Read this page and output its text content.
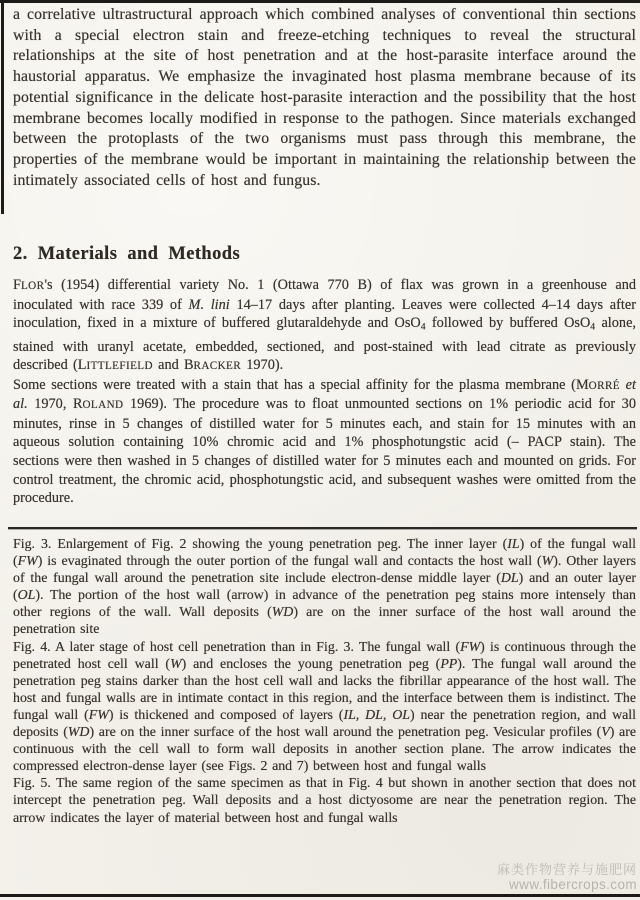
a correlative ultrastructural approach which combined analyses of conventional thin sections with a special electron stain and freeze-etching techniques to reveal the structural relationships at the site of host penetration and at the host-parasite interface around the haustorial apparatus. We emphasize the invaginated host plasma membrane because of its potential significance in the delicate host-parasite interaction and the possibility that the host membrane becomes locally modified in response to the pathogen. Since materials exchanged between the protoplasts of the two organisms must pass through this membrane, the properties of the membrane would be important in maintaining the relationship between the intimately associated cells of host and fungus.
2. Materials and Methods

FLOR's (1954) differential variety No. 1 (Ottawa 770 B) of flax was grown in a greenhouse and inoculated with race 339 of M. lini 14–17 days after planting. Leaves were collected 4–14 days after inoculation, fixed in a mixture of buffered glutaraldehyde and OsO4 followed by buffered OsO4 alone, stained with uranyl acetate, embedded, sectioned, and post-stained with lead citrate as previously described (LITTLEFIELD and BRACKER 1970).

Some sections were treated with a stain that has a special affinity for the plasma membrane (MORRÉ et al. 1970, ROLAND 1969). The procedure was to float unmounted sections on 1% periodic acid for 30 minutes, rinse in 5 changes of distilled water for 5 minutes each, and stain for 15 minutes with an aqueous solution containing 10% chromic acid and 1% phosphotungstic acid (– PACP stain). The sections were then washed in 5 changes of distilled water for 5 minutes each and mounted on grids. For control treatment, the chromic acid, phosphotungstic acid, and subsequent washes were omitted from the procedure.

Fig. 3. Enlargement of Fig. 2 showing the young penetration peg. The inner layer (IL) of the fungal wall (FW) is evaginated through the outer portion of the fungal wall and contacts the host wall (W). Other layers of the fungal wall around the penetration site include electron-dense middle layer (DL) and an outer layer (OL). The portion of the host wall (arrow) in advance of the penetration peg stains more intensely than other regions of the wall. Wall deposits (WD) are on the inner surface of the host wall around the penetration site

Fig. 4. A later stage of host cell penetration than in Fig. 3. The fungal wall (FW) is continuous through the penetrated host cell wall (W) and encloses the young penetration peg (PP). The fungal wall around the penetration peg stains darker than the host cell wall and lacks the fibrillar appearance of the host wall. The host and fungal walls are in intimate contact in this region, and the interface between them is indistinct. The fungal wall (FW) is thickened and composed of layers (IL, DL, OL) near the penetration region, and wall deposits (WD) are on the inner surface of the host wall around the penetration peg. Vesicular profiles (V) are continuous with the cell wall to form wall deposits in another section plane. The arrow indicates the compressed electron-dense layer (see Figs. 2 and 7) between host and fungal walls

Fig. 5. The same region of the same specimen as that in Fig. 4 but shown in another section that does not intercept the penetration peg. Wall deposits and a host dictyosome are near the penetration region. The arrow indicates the layer of material between host and fungal walls

麻类作物营养与施肥网
www.fibercrops.com
